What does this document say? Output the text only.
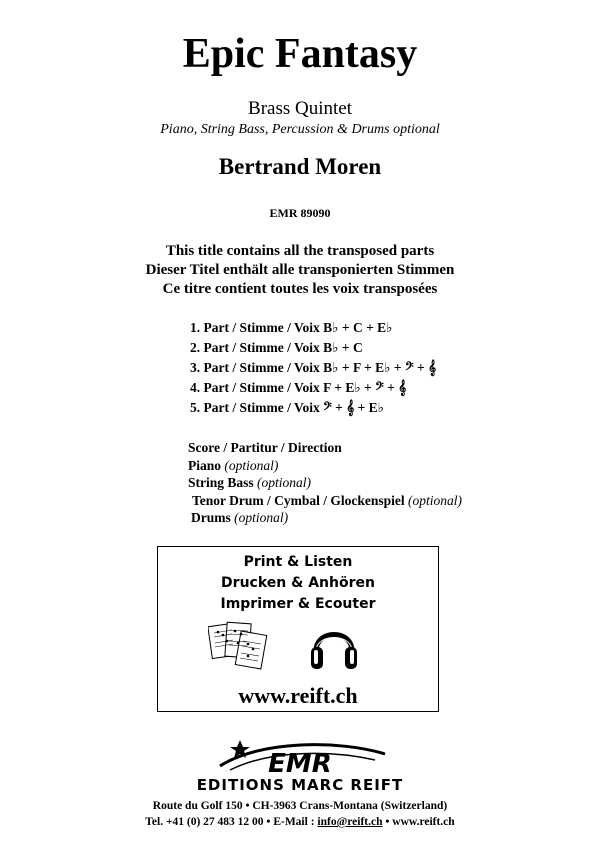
Epic Fantasy
Brass Quintet
Piano, String Bass, Percussion & Drums optional
Bertrand Moren
EMR 89090
This title contains all the transposed parts
Dieser Titel enthält alle transponierten Stimmen
Ce titre contient toutes les voix transposées
1. Part / Stimme / Voix B♭ + C + E♭
2. Part / Stimme / Voix B♭ + C
3. Part / Stimme / Voix B♭ + F + E♭ + 𝄢 + 𝄞
4. Part / Stimme / Voix F + E♭ + 𝄢 + 𝄞
5. Part / Stimme / Voix 𝄢 + 𝄞 + E♭
Score / Partitur / Direction
Piano (optional)
String Bass (optional)
Tenor Drum / Cymbal / Glockenspiel (optional)
Drums (optional)
Print & Listen
Drucken & Anhören
Imprimer & Ecouter
www.reift.ch
EMR
EDITIONS MARC REIFT
Route du Golf 150 • CH-3963 Crans-Montana (Switzerland)
Tel. +41 (0) 27 483 12 00 • E-Mail : info@reift.ch • www.reift.ch
